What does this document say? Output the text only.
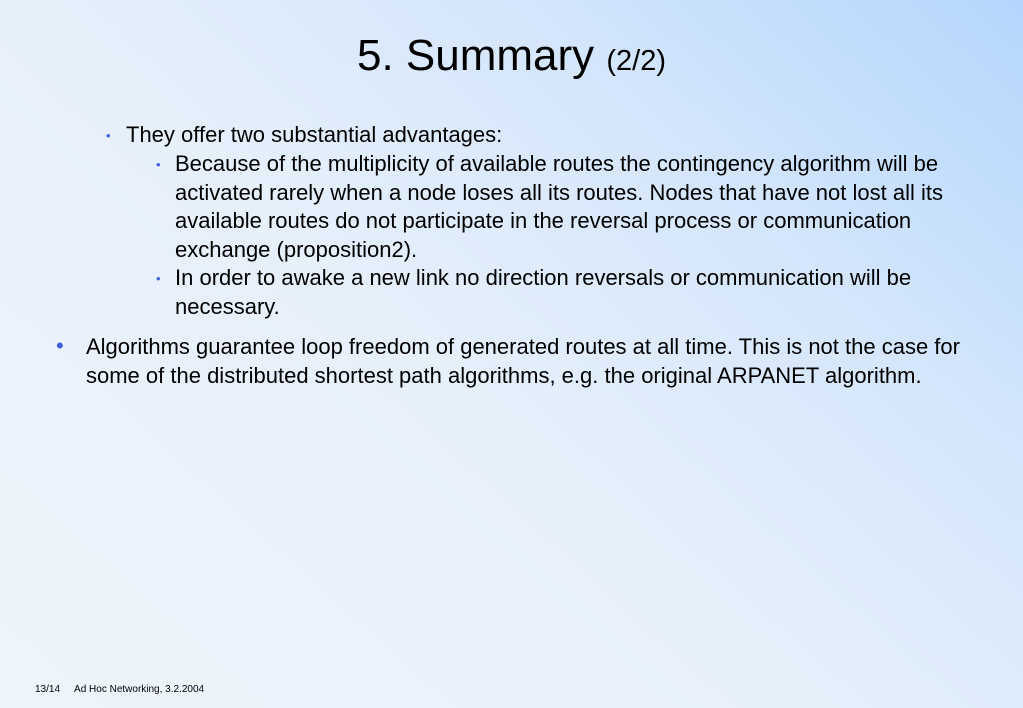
5. Summary (2/2)
• They offer two substantial advantages:
• Because of the multiplicity of available routes the contingency algorithm will be activated rarely when a node loses all its routes. Nodes that have not lost all its available routes do not participate in the reversal process or communication exchange (proposition2).
• In order to awake a new link no direction reversals or communication will be necessary.
• Algorithms guarantee loop freedom of generated routes at all time. This is not the case for some of the distributed shortest path algorithms, e.g. the original ARPANET algorithm.
13/14 Ad Hoc Networking, 3.2.2004
